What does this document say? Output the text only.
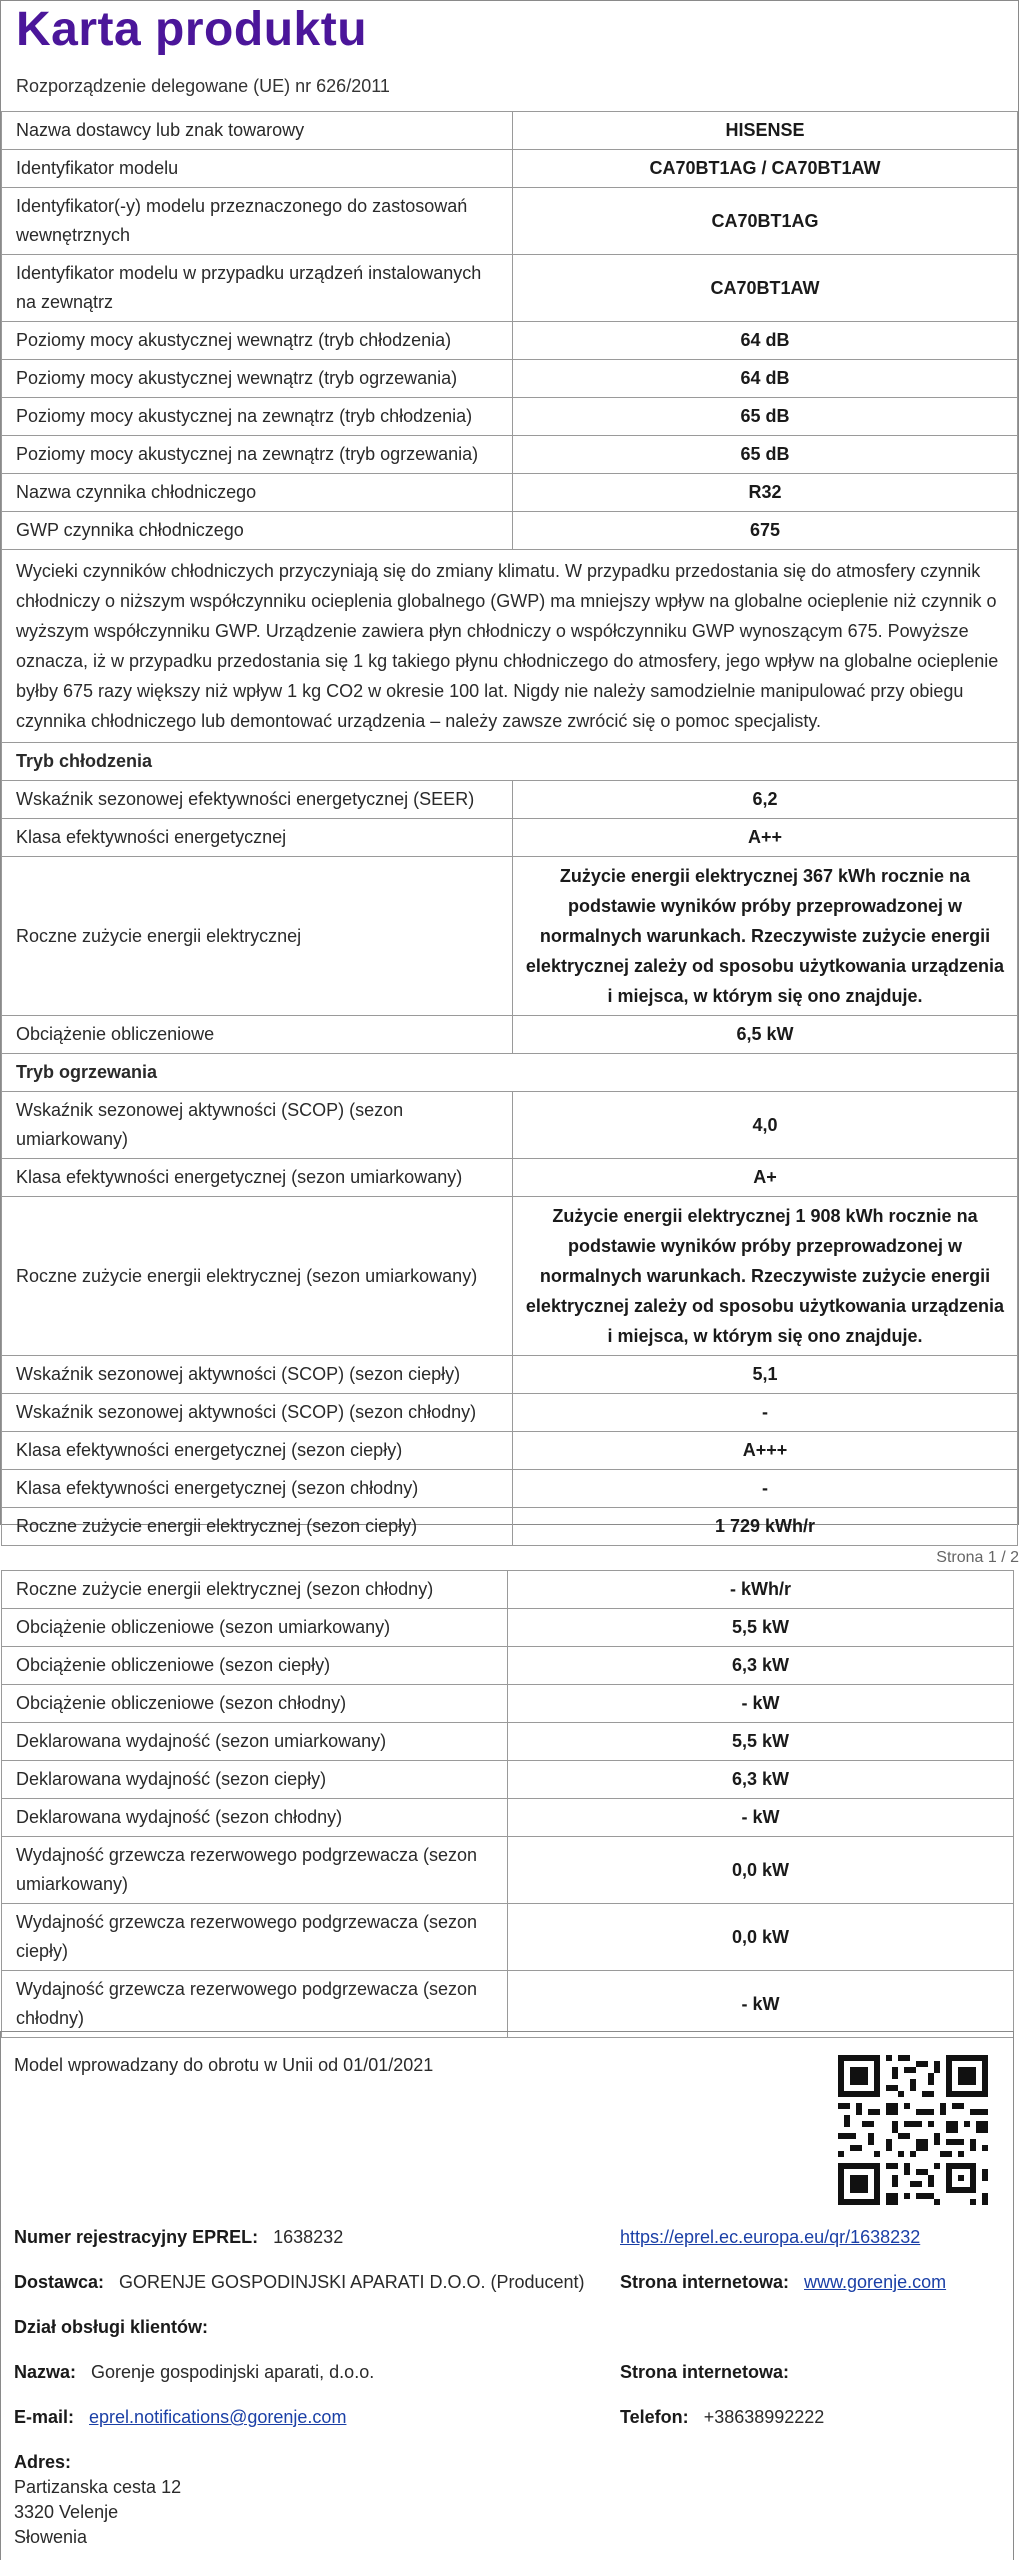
Karta produktu
Rozporządzenie delegowane (UE) nr 626/2011
Nazwa dostawcy lub znak towarowy	HISENSE
Identyfikator modelu	CA70BT1AG / CA70BT1AW
Identyfikator(-y) modelu przeznaczonego do zastosowań wewnętrznych	CA70BT1AG
Identyfikator modelu w przypadku urządzeń instalowanych na zewnątrz	CA70BT1AW
Poziomy mocy akustycznej wewnątrz (tryb chłodzenia)	64 dB
Poziomy mocy akustycznej wewnątrz (tryb ogrzewania)	64 dB
Poziomy mocy akustycznej na zewnątrz (tryb chłodzenia)	65 dB
Poziomy mocy akustycznej na zewnątrz (tryb ogrzewania)	65 dB
Nazwa czynnika chłodniczego	R32
GWP czynnika chłodniczego	675
Wycieki czynników chłodniczych przyczyniają się do zmiany klimatu. W przypadku przedostania się do atmosfery czynnik chłodniczy o niższym współczynniku ocieplenia globalnego (GWP) ma mniejszy wpływ na globalne ocieplenie niż czynnik o wyższym współczynniku GWP. Urządzenie zawiera płyn chłodniczy o współczynniku GWP wynoszącym 675. Powyższe oznacza, iż w przypadku przedostania się 1 kg takiego płynu chłodniczego do atmosfery, jego wpływ na globalne ocieplenie byłby 675 razy większy niż wpływ 1 kg CO2 w okresie 100 lat. Nigdy nie należy samodzielnie manipulować przy obiegu czynnika chłodniczego lub demontować urządzenia – należy zawsze zwrócić się o pomoc specjalisty.	
Tryb chłodzenia	
Wskaźnik sezonowej efektywności energetycznej (SEER)	6,2
Klasa efektywności energetycznej	A++
Roczne zużycie energii elektrycznej	Zużycie energii elektrycznej 367 kWh rocznie na podstawie wyników próby przeprowadzonej w normalnych warunkach. Rzeczywiste zużycie energii elektrycznej zależy od sposobu użytkowania urządzenia i miejsca, w którym się ono znajduje.
Obciążenie obliczeniowe	6,5 kW
Tryb ogrzewania	
Wskaźnik sezonowej aktywności (SCOP) (sezon umiarkowany)	4,0
Klasa efektywności energetycznej (sezon umiarkowany)	A+
Roczne zużycie energii elektrycznej (sezon umiarkowany)	Zużycie energii elektrycznej 1 908 kWh rocznie na podstawie wyników próby przeprowadzonej w normalnych warunkach. Rzeczywiste zużycie energii elektrycznej zależy od sposobu użytkowania urządzenia i miejsca, w którym się ono znajduje.
Wskaźnik sezonowej aktywności (SCOP) (sezon ciepły)	5,1
Wskaźnik sezonowej aktywności (SCOP) (sezon chłodny)	-
Klasa efektywności energetycznej (sezon ciepły)	A+++
Klasa efektywności energetycznej (sezon chłodny)	-
Roczne zużycie energii elektrycznej (sezon ciepły)	1 729 kWh/r
Strona 1 / 2
Roczne zużycie energii elektrycznej (sezon chłodny)	- kWh/r
Obciążenie obliczeniowe (sezon umiarkowany)	5,5 kW
Obciążenie obliczeniowe (sezon ciepły)	6,3 kW
Obciążenie obliczeniowe (sezon chłodny)	- kW
Deklarowana wydajność (sezon umiarkowany)	5,5 kW
Deklarowana wydajność (sezon ciepły)	6,3 kW
Deklarowana wydajność (sezon chłodny)	- kW
Wydajność grzewcza rezerwowego podgrzewacza (sezon umiarkowany)	0,0 kW
Wydajność grzewcza rezerwowego podgrzewacza (sezon ciepły)	0,0 kW
Wydajność grzewcza rezerwowego podgrzewacza (sezon chłodny)	- kW
Model wprowadzany do obrotu w Unii od 01/01/2021
Numer rejestracyjny EPREL: 1638232	https://eprel.ec.europa.eu/qr/1638232
Dostawca: GORENJE GOSPODINJSKI APARATI D.O.O. (Producent) Strona internetowa: www.gorenje.com
Dział obsługi klientów:
Nazwa: Gorenje gospodinjski aparati, d.o.o.	Strona internetowa:
E-mail: eprel.notifications@gorenje.com	Telefon: +38638992222
Adres:
Partizanska cesta 12
3320 Velenje
Słowenia
